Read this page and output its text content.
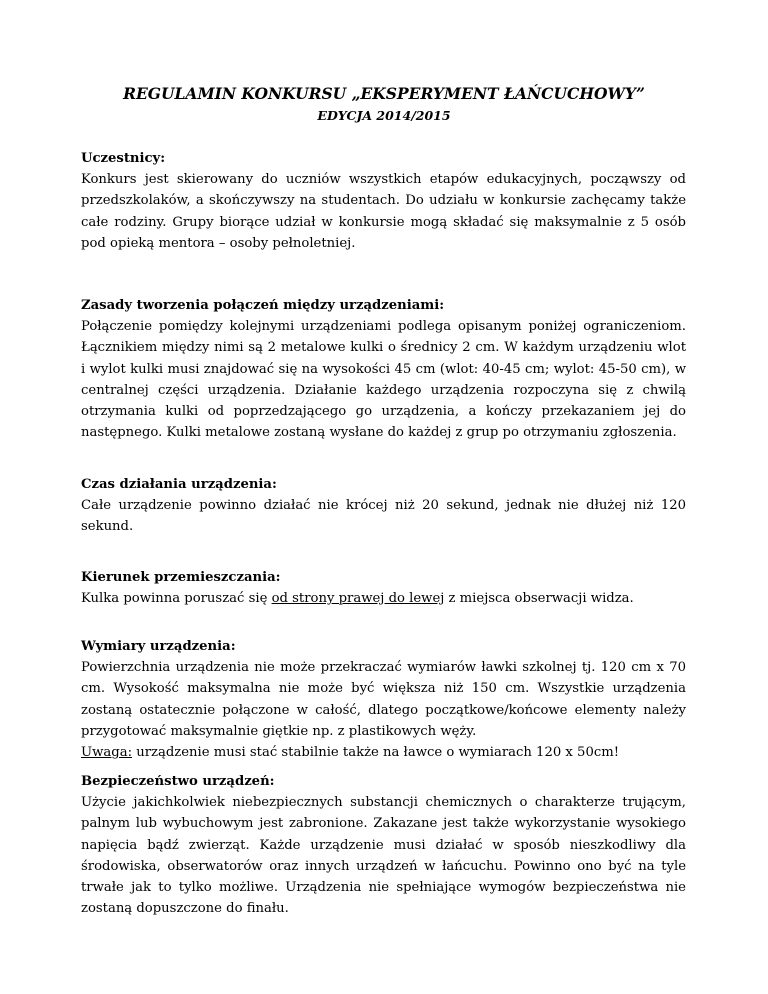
REGULAMIN KONKURSU „EKSPERYMENT ŁAŃCUCHOWY”
EDYCJA 2014/2015
Uczestnicy:

Konkurs jest skierowany do uczniów wszystkich etapów edukacyjnych, począwszy od przedszkolaków, a skończywszy na studentach. Do udziału w konkursie zachęcamy także całe rodziny. Grupy biorące udział w konkursie mogą składać się maksymalnie z 5 osób pod opieką mentora – osoby pełnoletniej.

Zasady tworzenia połączeń między urządzeniami:

Połączenie pomiędzy kolejnymi urządzeniami podlega opisanym poniżej ograniczeniom. Łącznikiem między nimi są 2 metalowe kulki o średnicy 2 cm. W każdym urządzeniu wlot i wylot kulki musi znajdować się na wysokości 45 cm (wlot: 40-45 cm; wylot: 45-50 cm), w centralnej części urządzenia. Działanie każdego urządzenia rozpoczyna się z chwilą otrzymania kulki od poprzedzającego go urządzenia, a kończy przekazaniem jej do następnego. Kulki metalowe zostaną wysłane do każdej z grup po otrzymaniu zgłoszenia.

Czas działania urządzenia:

Całe urządzenie powinno działać nie krócej niż 20 sekund, jednak nie dłużej niż 120 sekund.

Kierunek przemieszczania:

Kulka powinna poruszać się od strony prawej do lewej z miejsca obserwacji widza.

Wymiary urządzenia:

Powierzchnia urządzenia nie może przekraczać wymiarów ławki szkolnej tj. 120 cm x 70 cm. Wysokość maksymalna nie może być większa niż 150 cm. Wszystkie urządzenia zostaną ostatecznie połączone w całość, dlatego początkowe/końcowe elementy należy przygotować maksymalnie giętkie np. z plastikowych węży.

Uwaga: urządzenie musi stać stabilnie także na ławce o wymiarach 120 x 50cm!

Bezpieczeństwo urządzeń:

Użycie jakichkolwiek niebezpiecznych substancji chemicznych o charakterze trującym, palnym lub wybuchowym jest zabronione. Zakazane jest także wykorzystanie wysokiego napięcia bądź zwierząt. Każde urządzenie musi działać w sposób nieszkodliwy dla środowiska, obserwatorów oraz innych urządzeń w łańcuchu. Powinno ono być na tyle trwałe jak to tylko możliwe. Urządzenia nie spełniające wymogów bezpieczeństwa nie zostaną dopuszczone do finału.
